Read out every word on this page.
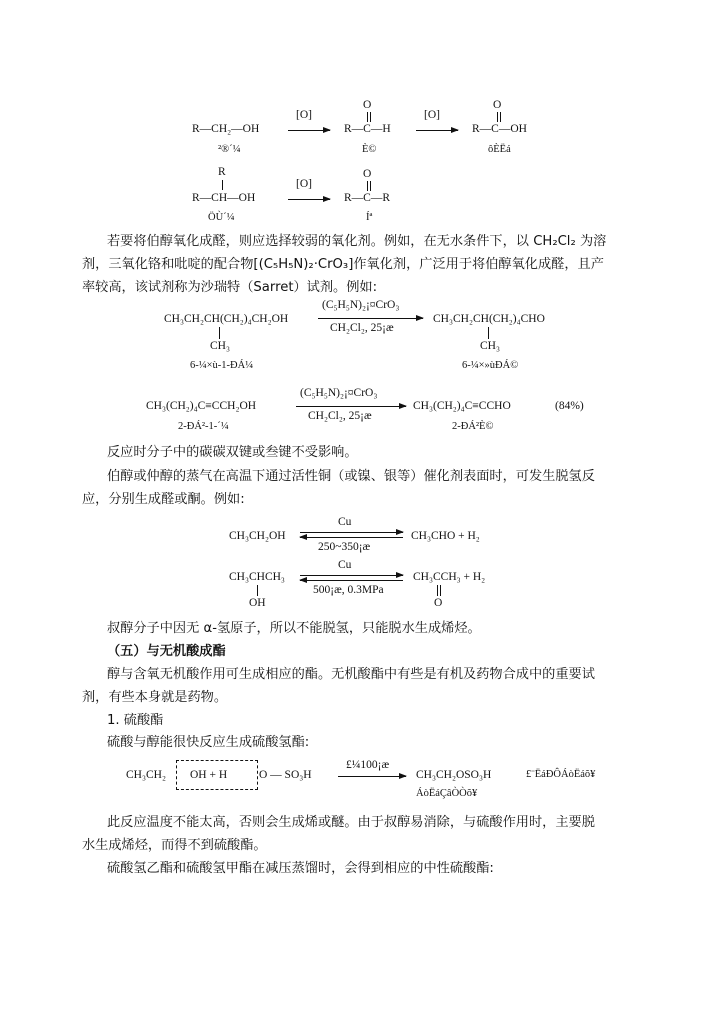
R—CH₂—OH
[O]
O
R—C—H
[O]
O
R—C—OH
²®´¼	È©	ôÈËá
R
R—CH—OH
[O]
O
R—C—R
ÖÙ´¼	Íª
若要将伯醇氧化成醛，则应选择较弱的氧化剂。例如，在无水条件下，以 CH₂Cl₂ 为溶
剂，三氧化铬和吡啶的配合物[(C₅H₅N)₂·CrO₃]作氧化剂，广泛用于将伯醇氧化成醛，且产
率较高，该试剂称为沙瑞特（Sarret）试剂。例如:
CH₃CH₂CH(CH₂)₄CH₂OH
CH₃
6-¼×ù-1-ÐÁ¼
(C₅H₅N)₂¡¤CrO₃
CH₂Cl₂, 25¡æ
CH₃CH₂CH(CH₂)₄CHO
CH₃
6-¼×»ùÐÁ©
CH₃(CH₂)₄C≡CCH₂OH
2-ÐÁ²-1-´¼
(C₅H₅N)₂¡¤CrO₃
CH₂Cl₂, 25¡æ
CH₃(CH₂)₄C≡CCHO	(84%)
2-ÐÁ²È©
反应时分子中的碳碳双键或叁键不受影响。
伯醇或仲醇的蒸气在高温下通过活性铜（或镍、银等）催化剂表面时，可发生脱氢反
应，分别生成醛或酮。例如:
CH₃CH₂OH
Cu
250~350¡æ
CH₃CHO + H₂
CH₃CHCH₃
OH
Cu
500¡æ, 0.3MPa
CH₃CCH₃ + H₂
O
叔醇分子中因无 α-氢原子，所以不能脱氢，只能脱水生成烯烃。
（五）与无机酸成酯
醇与含氧无机酸作用可生成相应的酯。无机酸酯中有些是有机及药物合成中的重要试
剂，有些本身就是药物。
1. 硫酸酯
硫酸与醇能很快反应生成硫酸氢酯:
CH₃CH₂ OH + H	O — SO₃H
£¼100¡æ
CH₃CH₂OSO₃H	£¨ËáÐÔÁòËáõ¥
ÁòËáÇâÒÒõ¥
此反应温度不能太高，否则会生成烯或醚。由于叔醇易消除，与硫酸作用时，主要脱
水生成烯烃，而得不到硫酸酯。
硫酸氢乙酯和硫酸氢甲酯在减压蒸馏时，会得到相应的中性硫酸酯:
